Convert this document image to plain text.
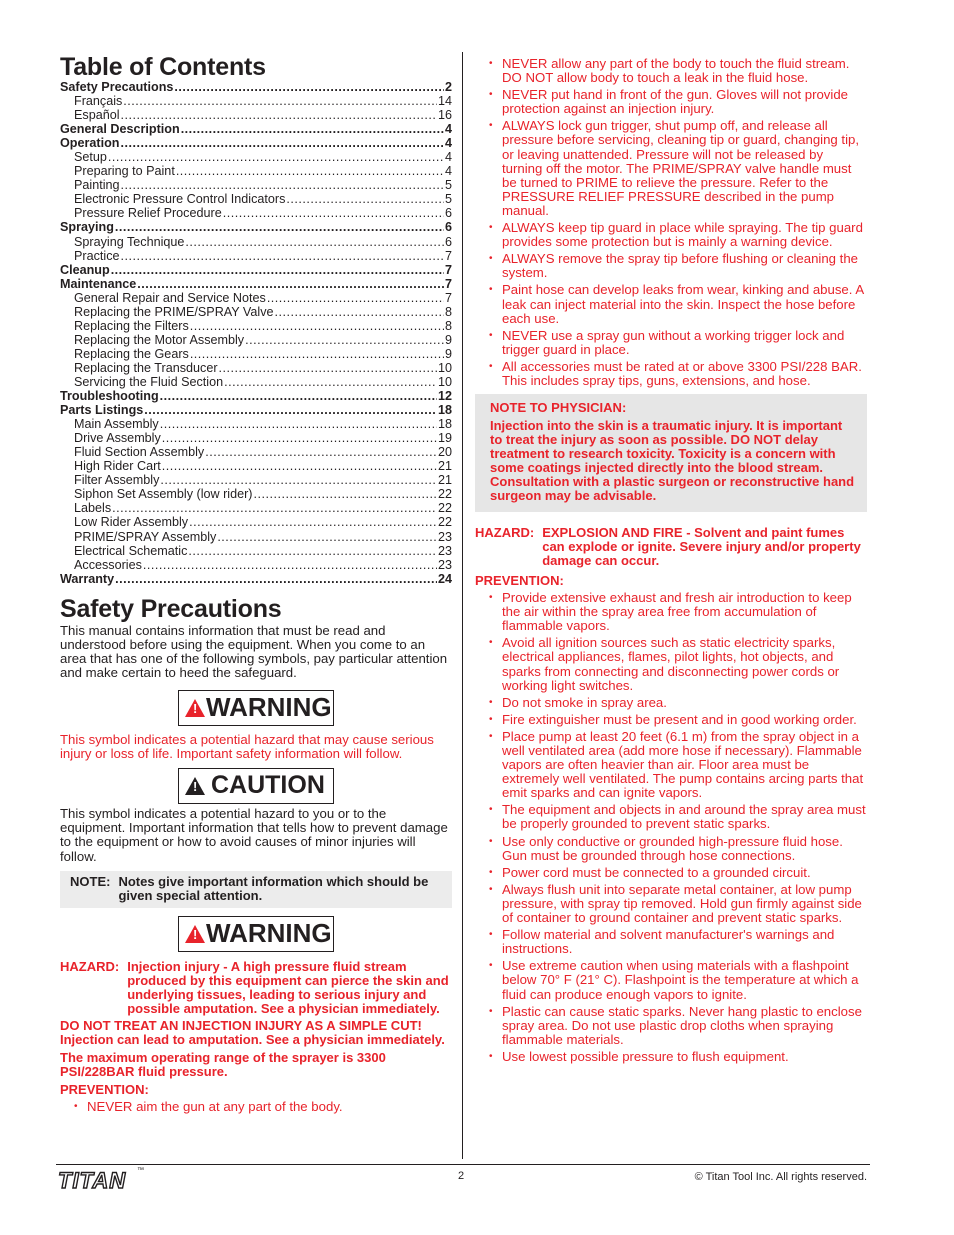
Table of Contents
Safety Precautions .....	2
Français .....	14
Español .....	16
General Description .....	4
Operation .....	4
Setup .....	4
Preparing to Paint .....	4
Painting .....	5
Electronic Pressure Control Indicators .....	5
Pressure Relief Procedure .....	6
Spraying .....	6
Spraying Technique .....	6
Practice .....	7
Cleanup .....	7
Maintenance .....	7
General Repair and Service Notes .....	7
Replacing the PRIME/SPRAY Valve .....	8
Replacing the Filters .....	8
Replacing the Motor Assembly .....	9
Replacing the Gears .....	9
Replacing the Transducer .....	10
Servicing the Fluid Section .....	10
Troubleshooting .....	12
Parts Listings .....	18
Main Assembly .....	18
Drive Assembly .....	19
Fluid Section Assembly .....	20
High Rider Cart .....	21
Filter Assembly .....	21
Siphon Set Assembly (low rider) .....	22
Labels .....	22
Low Rider Assembly .....	22
PRIME/SPRAY Assembly .....	23
Electrical Schematic .....	23
Accessories .....	23
Warranty .....	24
Safety Precautions

This manual contains information that must be read and understood before using the equipment. When you come to an area that has one of the following symbols, pay particular attention and make certain to heed the safeguard.

!
WARNING

This symbol indicates a potential hazard that may cause serious injury or loss of life. Important safety information will follow.

!
CAUTION

This symbol indicates a potential hazard to you or to the equipment. Important information that tells how to prevent damage to the equipment or how to avoid causes of minor injuries will follow.

NOTE: Notes give important information which should be given special attention.
!
WARNING
HAZARD: Injection injury - A high pressure fluid stream produced by this equipment can pierce the skin and underlying tissues, leading to serious injury and possible amputation. See a physician immediately.

DO NOT TREAT AN INJECTION INJURY AS A SIMPLE CUT! Injection can lead to amputation. See a physician immediately.

The maximum operating range of the sprayer is 3300 PSI/228BAR fluid pressure.

PREVENTION:

• NEVER aim the gun at any part of the body.
• NEVER allow any part of the body to touch the fluid stream. DO NOT allow body to touch a leak in the fluid hose.
• NEVER put hand in front of the gun. Gloves will not provide protection against an injection injury.
• ALWAYS lock gun trigger, shut pump off, and release all pressure before servicing, cleaning tip or guard, changing tip, or leaving unattended. Pressure will not be released by turning off the motor. The PRIME/SPRAY valve handle must be turned to PRIME to relieve the pressure. Refer to the PRESSURE RELIEF PRESSURE described in the pump manual.
• ALWAYS keep tip guard in place while spraying. The tip guard provides some protection but is mainly a warning device.
• ALWAYS remove the spray tip before flushing or cleaning the system.
• Paint hose can develop leaks from wear, kinking and abuse. A leak can inject material into the skin. Inspect the hose before each use.
• NEVER use a spray gun without a working trigger lock and trigger guard in place.
• All accessories must be rated at or above 3300 PSI/228 BAR. This includes spray tips, guns, extensions, and hose.
NOTE TO PHYSICIAN:
Injection into the skin is a traumatic injury. It is important to treat the injury as soon as possible. DO NOT delay treatment to research toxicity. Toxicity is a concern with some coatings injected directly into the blood stream. Consultation with a plastic surgeon or reconstructive hand surgeon may be advisable.
HAZARD: EXPLOSION AND FIRE - Solvent and paint fumes can explode or ignite. Severe injury and/or property damage can occur.

PREVENTION:

• Provide extensive exhaust and fresh air introduction to keep the air within the spray area free from accumulation of flammable vapors.
• Avoid all ignition sources such as static electricity sparks, electrical appliances, flames, pilot lights, hot objects, and sparks from connecting and disconnecting power cords or working light switches.
• Do not smoke in spray area.
• Fire extinguisher must be present and in good working order.
• Place pump at least 20 feet (6.1 m) from the spray object in a well ventilated area (add more hose if necessary). Flammable vapors are often heavier than air. Floor area must be extremely well ventilated. The pump contains arcing parts that emit sparks and can ignite vapors.
• The equipment and objects in and around the spray area must be properly grounded to prevent static sparks.
• Use only conductive or grounded high-pressure fluid hose. Gun must be grounded through hose connections.
• Power cord must be connected to a grounded circuit.
• Always flush unit into separate metal container, at low pump pressure, with spray tip removed. Hold gun firmly against side of container to ground container and prevent static sparks.
• Follow material and solvent manufacturer's warnings and instructions.
• Use extreme caution when using materials with a flashpoint below 70° F (21° C). Flashpoint is the temperature at which a fluid can produce enough vapors to ignite.
• Plastic can cause static sparks. Never hang plastic to enclose spray area. Do not use plastic drop cloths when spraying flammable materials.
• Use lowest possible pressure to flush equipment.
TITAN ™	2	© Titan Tool Inc. All rights reserved.
